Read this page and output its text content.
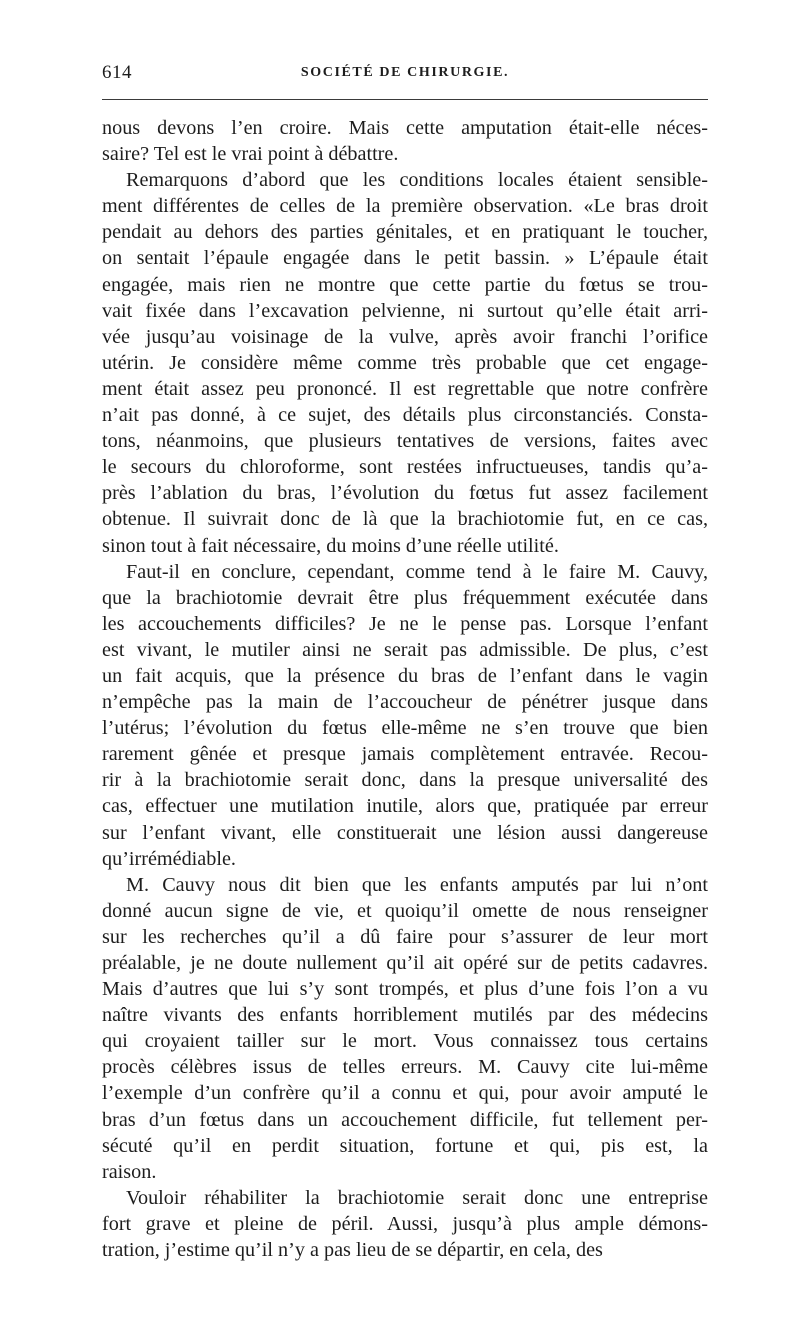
614	SOCIÉTÉ DE CHIRURGIE.
nous devons l’en croire. Mais cette amputation était-elle néces-
saire? Tel est le vrai point à débattre.
Remarquons d’abord que les conditions locales étaient sensible-
ment différentes de celles de la première observation. «Le bras droit
pendait au dehors des parties génitales, et en pratiquant le toucher,
on sentait l’épaule engagée dans le petit bassin. » L’épaule était
engagée, mais rien ne montre que cette partie du fœtus se trou-
vait fixée dans l’excavation pelvienne, ni surtout qu’elle était arri-
vée jusqu’au voisinage de la vulve, après avoir franchi l’orifice
utérin. Je considère même comme très probable que cet engage-
ment était assez peu prononcé. Il est regrettable que notre confrère
n’ait pas donné, à ce sujet, des détails plus circonstanciés. Consta-
tons, néanmoins, que plusieurs tentatives de versions, faites avec
le secours du chloroforme, sont restées infructueuses, tandis qu’a-
près l’ablation du bras, l’évolution du fœtus fut assez facilement
obtenue. Il suivrait donc de là que la brachiotomie fut, en ce cas,
sinon tout à fait nécessaire, du moins d’une réelle utilité.
Faut-il en conclure, cependant, comme tend à le faire M. Cauvy,
que la brachiotomie devrait être plus fréquemment exécutée dans
les accouchements difficiles? Je ne le pense pas. Lorsque l’enfant
est vivant, le mutiler ainsi ne serait pas admissible. De plus, c’est
un fait acquis, que la présence du bras de l’enfant dans le vagin
n’empêche pas la main de l’accoucheur de pénétrer jusque dans
l’utérus; l’évolution du fœtus elle-même ne s’en trouve que bien
rarement gênée et presque jamais complètement entravée. Recou-
rir à la brachiotomie serait donc, dans la presque universalité des
cas, effectuer une mutilation inutile, alors que, pratiquée par erreur
sur l’enfant vivant, elle constituerait une lésion aussi dangereuse
qu’irrémédiable.
M. Cauvy nous dit bien que les enfants amputés par lui n’ont
donné aucun signe de vie, et quoiqu’il omette de nous renseigner
sur les recherches qu’il a dû faire pour s’assurer de leur mort
préalable, je ne doute nullement qu’il ait opéré sur de petits cadavres.
Mais d’autres que lui s’y sont trompés, et plus d’une fois l’on a vu
naître vivants des enfants horriblement mutilés par des médecins
qui croyaient tailler sur le mort. Vous connaissez tous certains
procès célèbres issus de telles erreurs. M. Cauvy cite lui-même
l’exemple d’un confrère qu’il a connu et qui, pour avoir amputé le
bras d’un fœtus dans un accouchement difficile, fut tellement per-
sécuté qu’il en perdit situation, fortune et qui, pis est, la
raison.
Vouloir réhabiliter la brachiotomie serait donc une entreprise
fort grave et pleine de péril. Aussi, jusqu’à plus ample démons-
tration, j’estime qu’il n’y a pas lieu de se départir, en cela, des
